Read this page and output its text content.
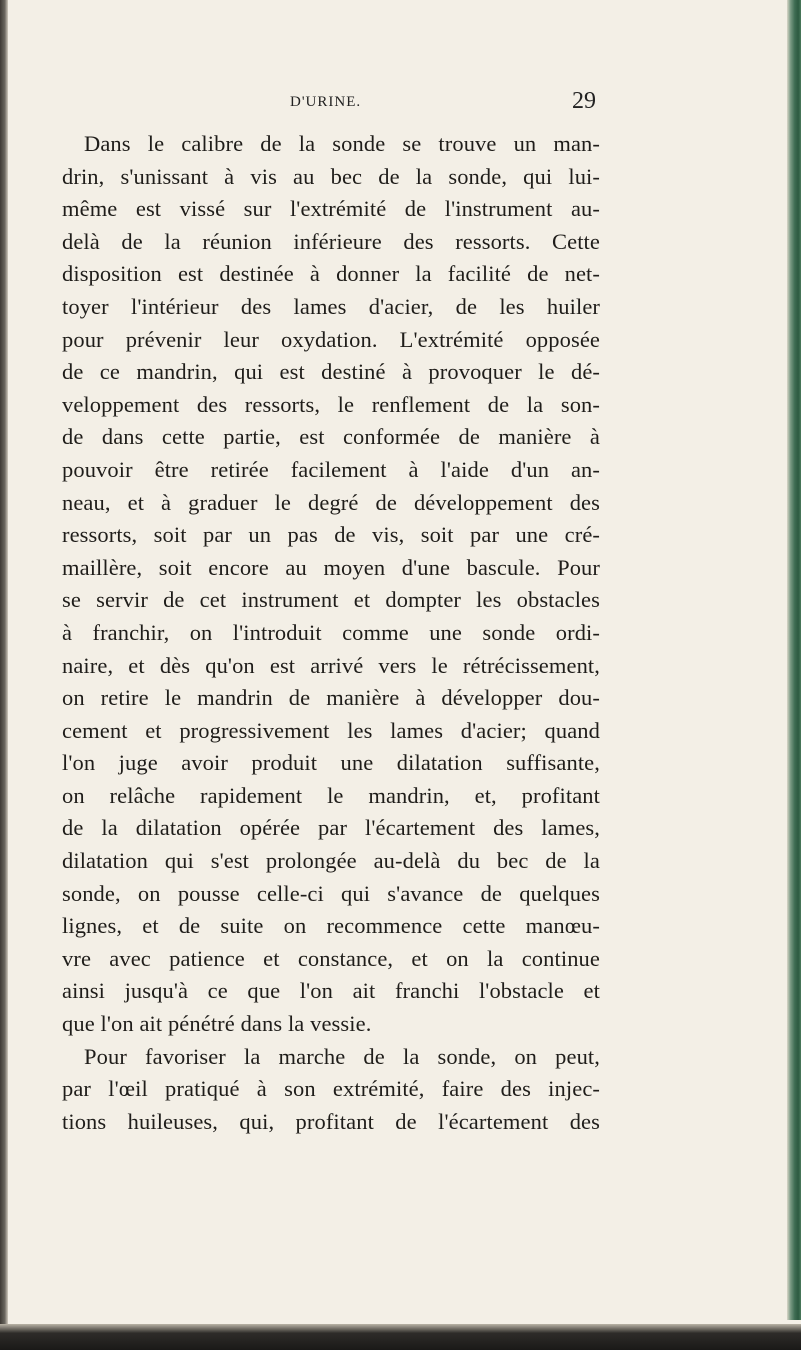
D'URINE.	29
Dans le calibre de la sonde se trouve un man-
drin, s'unissant à vis au bec de la sonde, qui lui-
même est vissé sur l'extrémité de l'instrument au-
delà de la réunion inférieure des ressorts. Cette
disposition est destinée à donner la facilité de net-
toyer l'intérieur des lames d'acier, de les huiler
pour prévenir leur oxydation. L'extrémité opposée
de ce mandrin, qui est destiné à provoquer le dé-
veloppement des ressorts, le renflement de la son-
de dans cette partie, est conformée de manière à
pouvoir être retirée facilement à l'aide d'un an-
neau, et à graduer le degré de développement des
ressorts, soit par un pas de vis, soit par une cré-
maillère, soit encore au moyen d'une bascule. Pour
se servir de cet instrument et dompter les obstacles
à franchir, on l'introduit comme une sonde ordi-
naire, et dès qu'on est arrivé vers le rétrécissement,
on retire le mandrin de manière à développer dou-
cement et progressivement les lames d'acier; quand
l'on juge avoir produit une dilatation suffisante,
on relâche rapidement le mandrin, et, profitant
de la dilatation opérée par l'écartement des lames,
dilatation qui s'est prolongée au-delà du bec de la
sonde, on pousse celle-ci qui s'avance de quelques
lignes, et de suite on recommence cette manœu-
vre avec patience et constance, et on la continue
ainsi jusqu'à ce que l'on ait franchi l'obstacle et
que l'on ait pénétré dans la vessie.
Pour favoriser la marche de la sonde, on peut,
par l'œil pratiqué à son extrémité, faire des injec-
tions huileuses, qui, profitant de l'écartement des
